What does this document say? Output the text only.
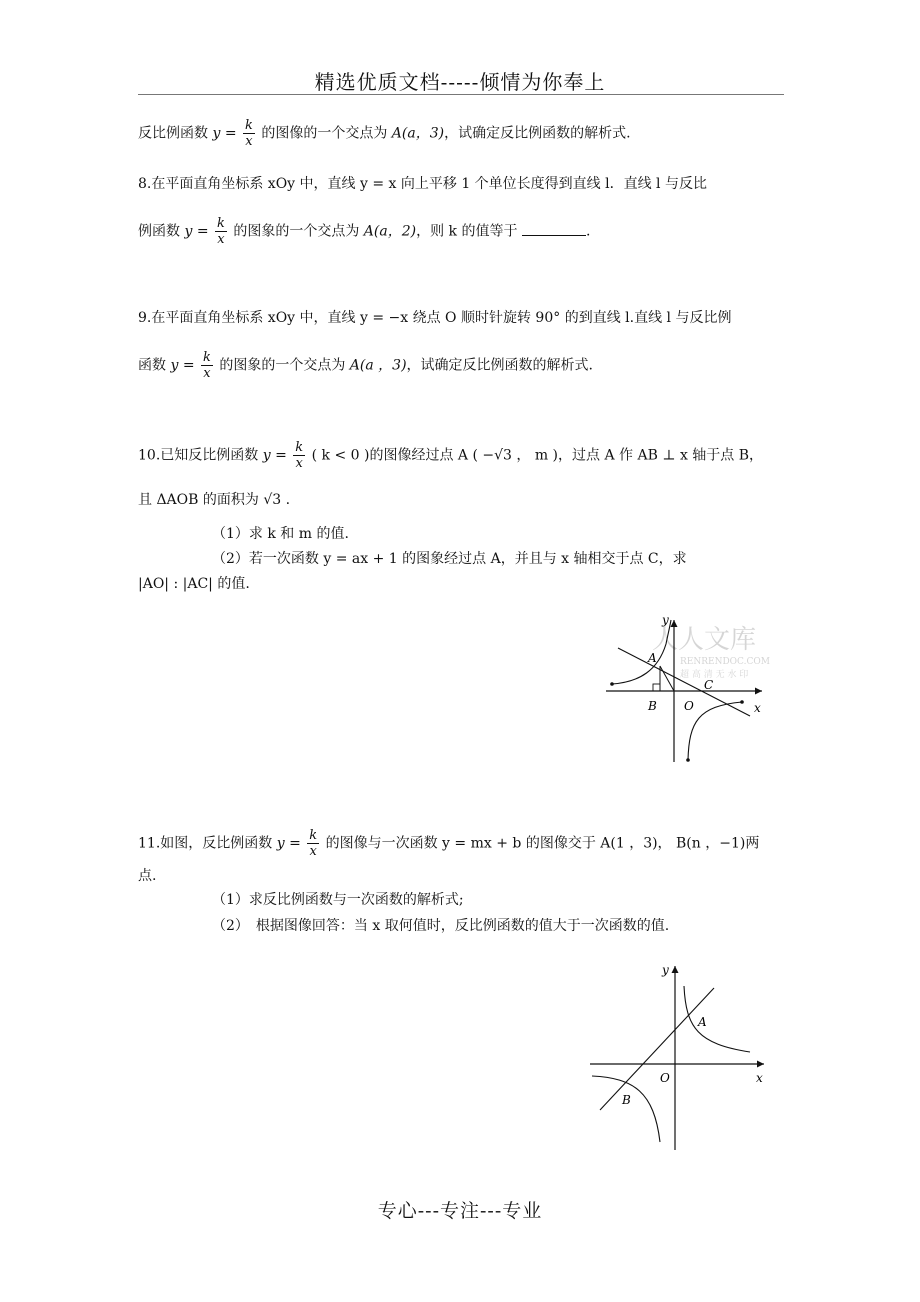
精选优质文档-----倾情为你奉上
反比例函数 $y = \frac{k}{x}$ 的图像的一个交点为 A(a，3)，试确定反比例函数的解析式.
8.在平面直角坐标系 xOy 中，直线 y = x 向上平移 1 个单位长度得到直线 l．直线 l 与反比
例函数 $y = \frac{k}{x}$ 的图象的一个交点为 A(a，2)，则 k 的值等于	.
9.在平面直角坐标系 xOy 中，直线 y = −x 绕点 O 顺时针旋转 90° 的到直线 l.直线 l 与反比例
函数 $y = \frac{k}{x}$ 的图象的一个交点为 A(a ，3)，试确定反比例函数的解析式.
10.已知反比例函数 $y = \frac{k}{x}$ ( k < 0 )的图像经过点 A ( −√3 ， m )，过点 A 作 AB ⊥ x 轴于点 B，
且 ΔAOB 的面积为 √3 .
（1）求 k 和 m 的值.
（2）若一次函数 y = ax + 1 的图象经过点 A，并且与 x 轴相交于点 C，求
|AO| : |AC| 的值.
人人文库
RENRENDOC.COM
超 高 清 无 水 印
y
x
A
B O
C
11.如图，反比例函数 $y = \frac{k}{x}$ 的图像与一次函数 y = mx + b 的图像交于 A(1 ，3)， B(n ，−1)两
点.
（1）求反比例函数与一次函数的解析式;
（2）　根据图像回答：当 x 取何值时，反比例函数的值大于一次函数的值.
y
x
A
B
O
专心---专注---专业
